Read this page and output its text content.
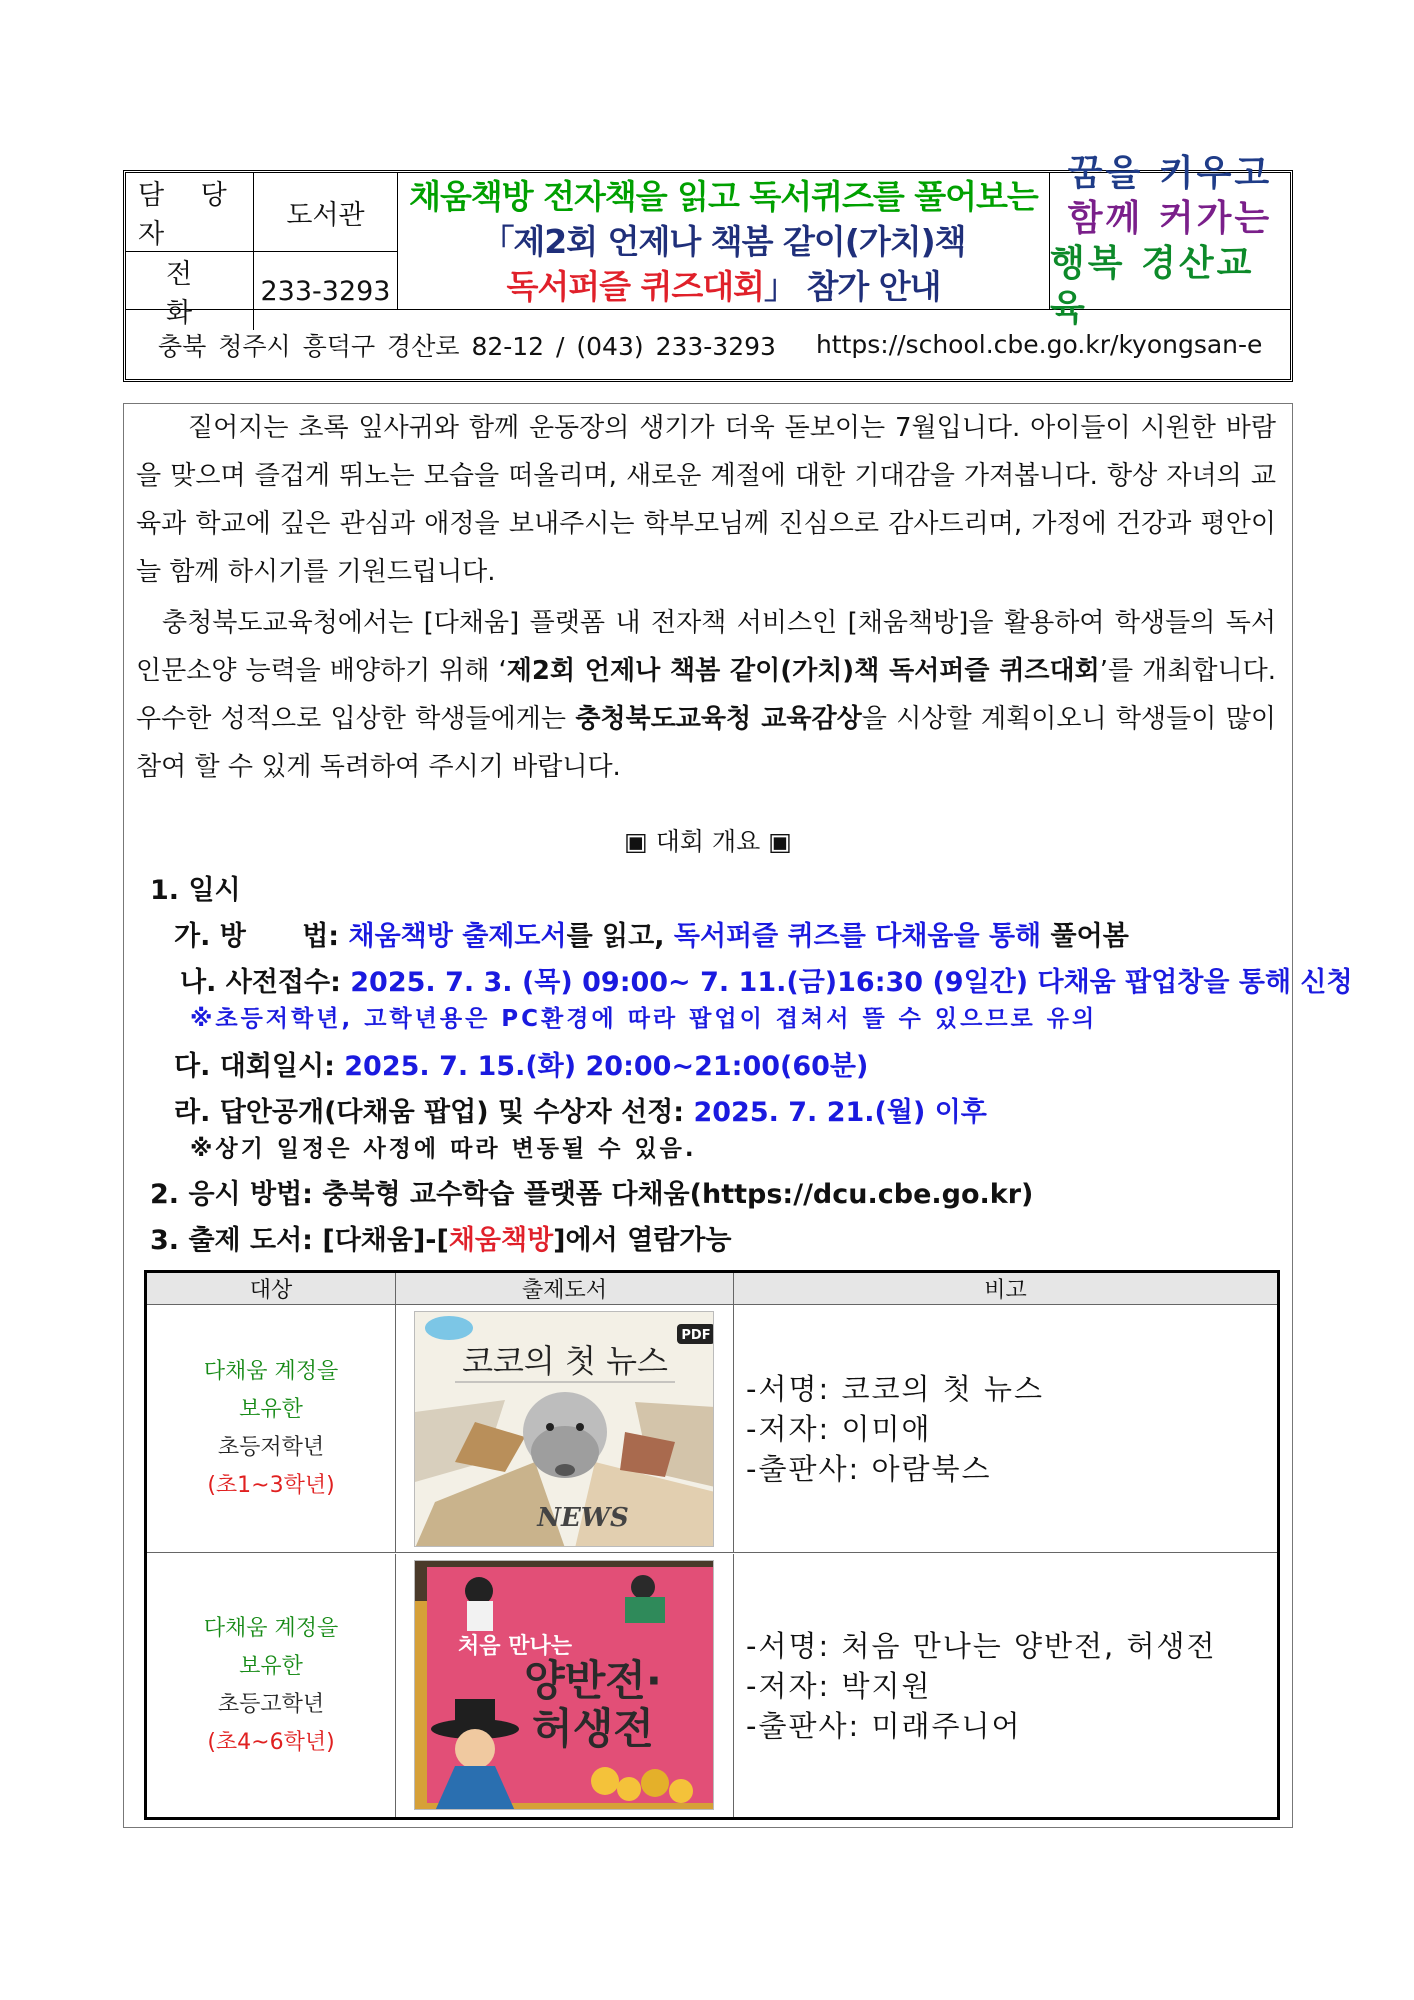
담 당 자
도서관
전 화
233-3293
채움책방 전자책을 읽고 독서퀴즈를 풀어보는
「제2회 언제나 책봄 같이(가치)책
독서퍼즐 퀴즈대회」 참가 안내
꿈을 키우고
함께 커가는
행복 경산교육
충북 청주시 흥덕구 경산로 82-12 / (043) 233-3293 https://school.cbe.go.kr/kyongsan-e

짙어지는 초록 잎사귀와 함께 운동장의 생기가 더욱 돋보이는 7월입니다. 아이들이 시원한 바람을 맞으며 즐겁게 뛰노는 모습을 떠올리며, 새로운 계절에 대한 기대감을 가져봅니다. 항상 자녀의 교육과 학교에 깊은 관심과 애정을 보내주시는 학부모님께 진심으로 감사드리며, 가정에 건강과 평안이 늘 함께 하시기를 기원드립니다.

충청북도교육청에서는 [다채움] 플랫폼 내 전자책 서비스인 [채움책방]을 활용하여 학생들의 독서인문소양 능력을 배양하기 위해 ‘제2회 언제나 책봄 같이(가치)책 독서퍼즐 퀴즈대회’를 개최합니다. 우수한 성적으로 입상한 학생들에게는 충청북도교육청 교육감상을 시상할 계획이오니 학생들이 많이 참여 할 수 있게 독려하여 주시기 바랍니다.

▣ 대회 개요 ▣
1. 일시
가. 방      법: 채움책방 출제도서를 읽고, 독서퍼즐 퀴즈를 다채움을 통해 풀어봄
나. 사전접수: 2025. 7. 3. (목) 09:00~ 7. 11.(금)16:30 (9일간) 다채움 팝업창을 통해 신청
※초등저학년, 고학년용은 PC환경에 따라 팝업이 겹쳐서 뜰 수 있으므로 유의
다. 대회일시: 2025. 7. 15.(화) 20:00~21:00(60분)
라. 답안공개(다채움 팝업) 및 수상자 선정: 2025. 7. 21.(월) 이후
※상기 일정은 사정에 따라 변동될 수 있음.
2. 응시 방법: 충북형 교수학습 플랫폼 다채움(https://dcu.cbe.go.kr)
3. 출제 도서: [다채움]-[채움책방]에서 열람가능
대상	출제도서	비고
다채움 계정을
보유한
초등저학년
(초1~3학년)
PDF
코코의 첫 뉴스
NEWS
-서명: 코코의 첫 뉴스
-저자: 이미애
-출판사: 아람북스
다채움 계정을
보유한
초등고학년
(초4~6학년)
처음 만나는
양반전·
허생전
-서명: 처음 만나는 양반전, 허생전
-저자: 박지원
-출판사: 미래주니어
